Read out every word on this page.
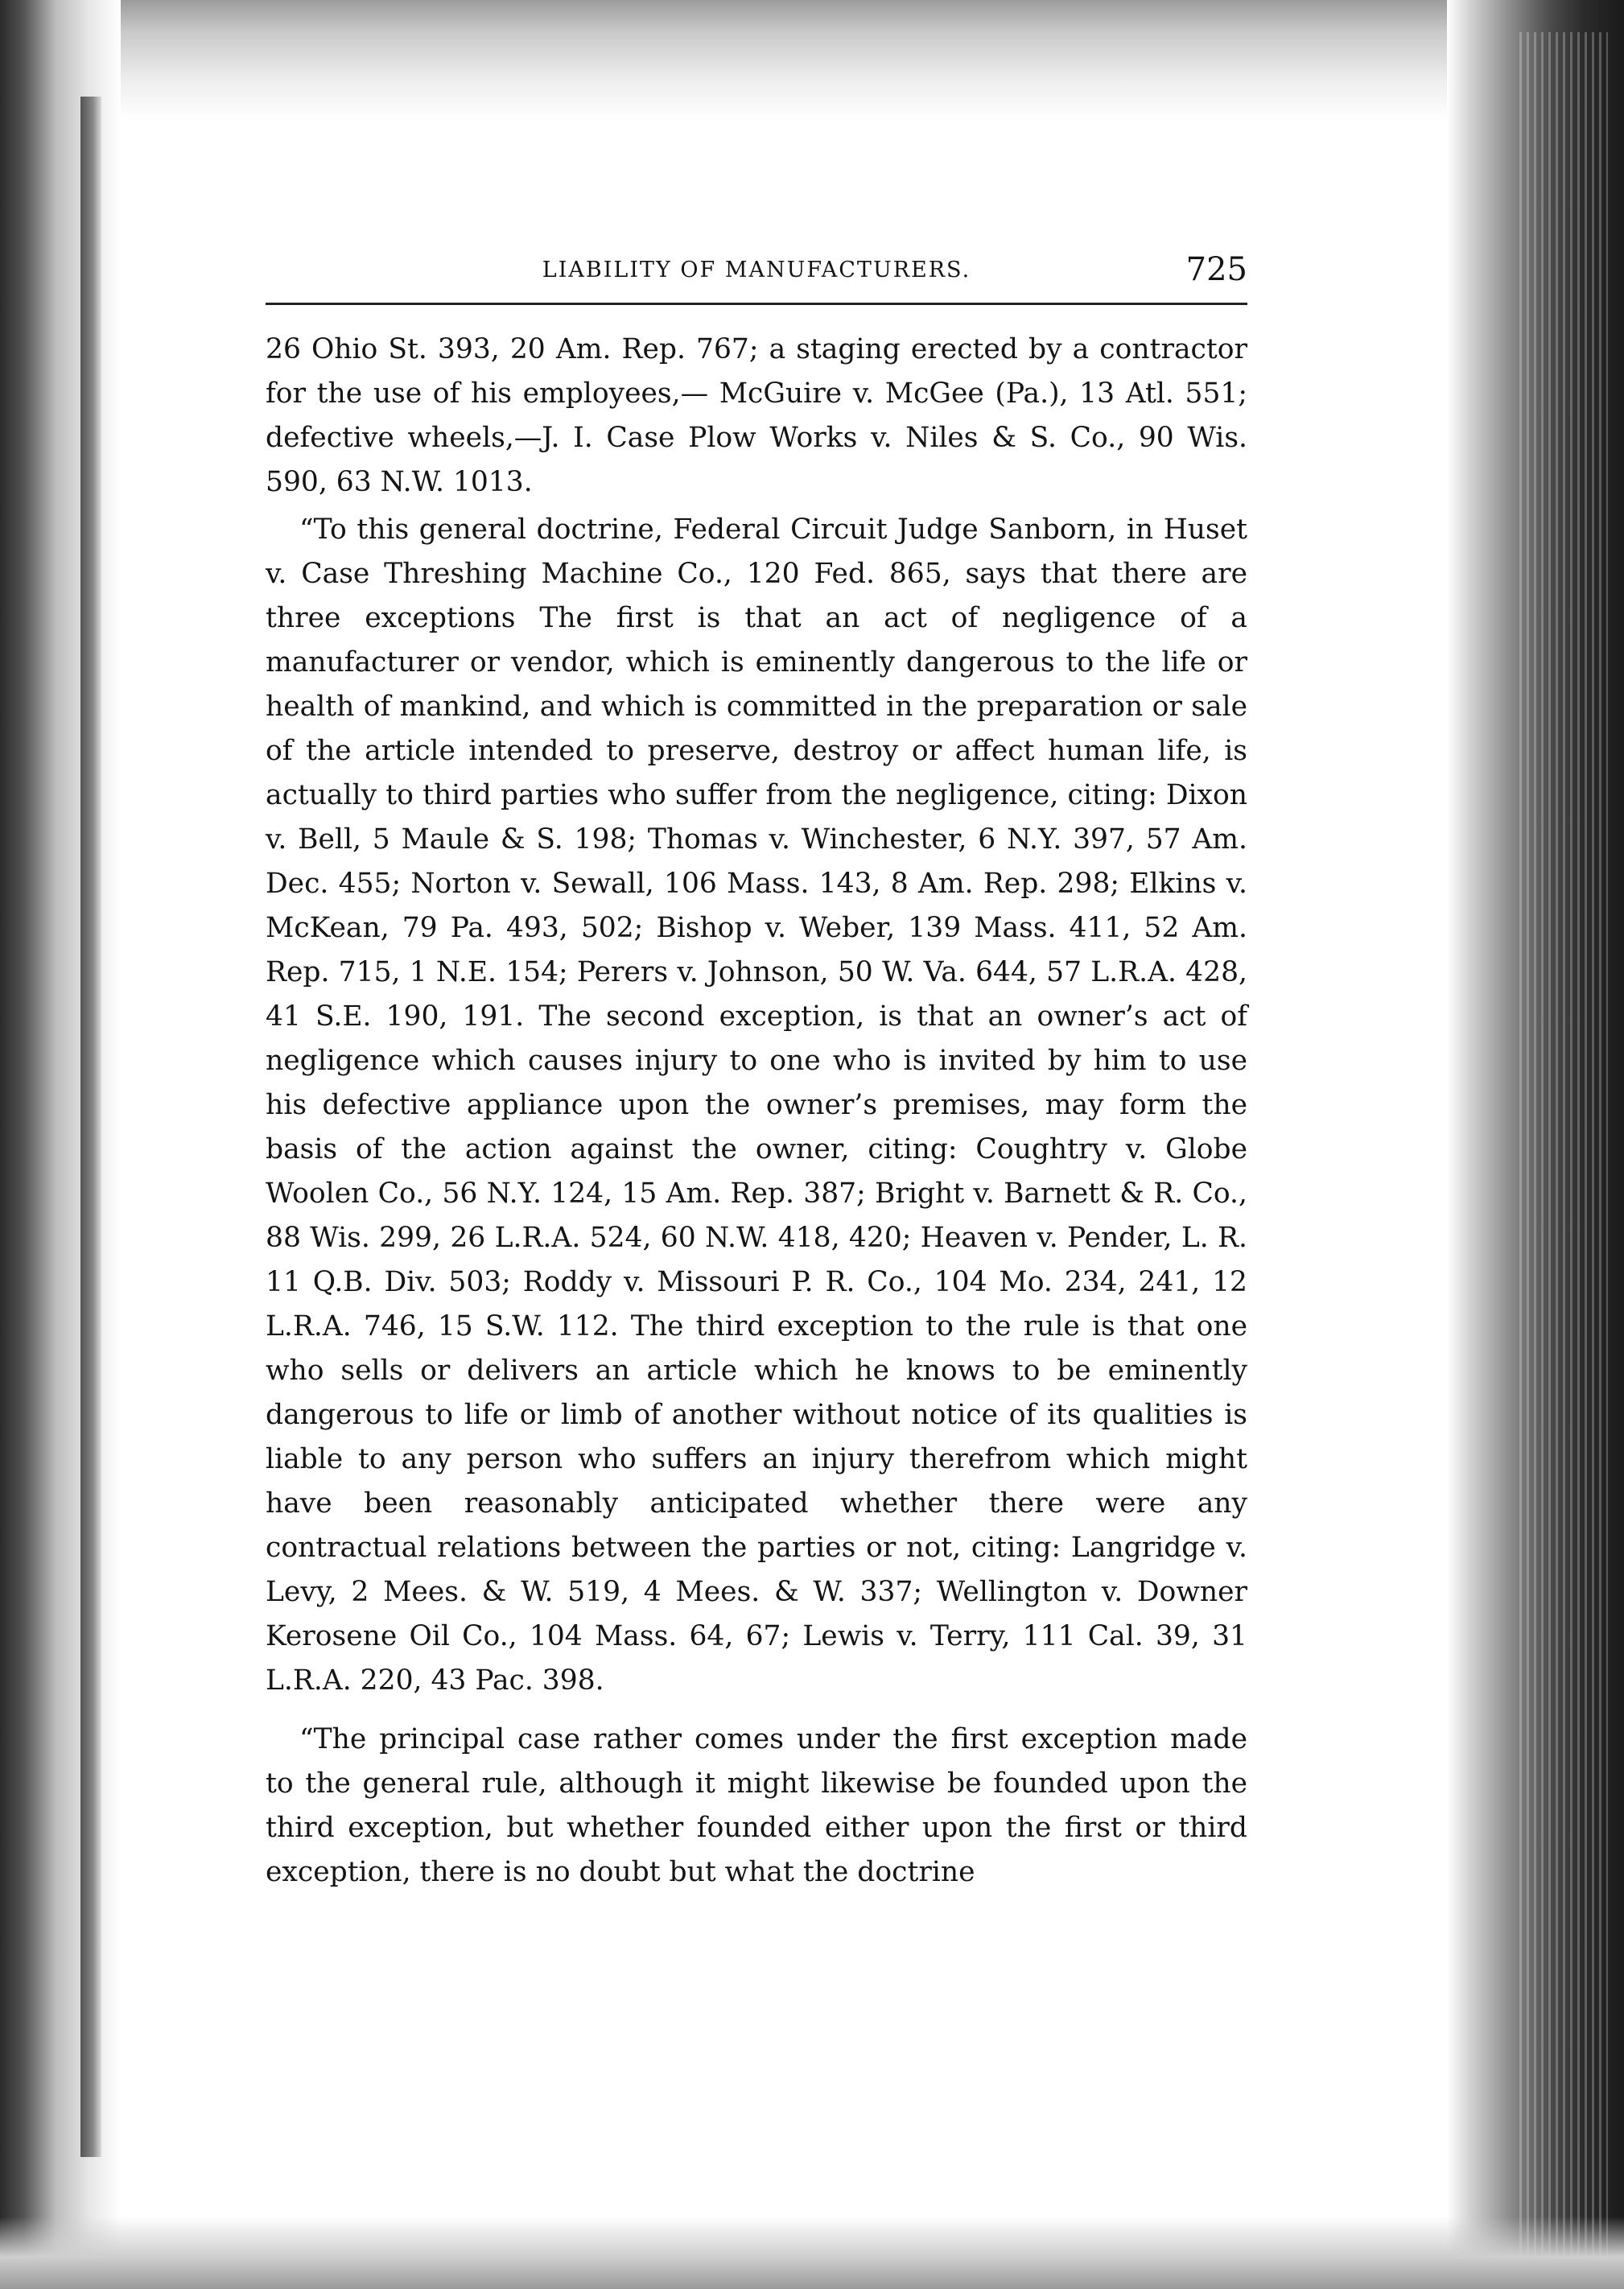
LIABILITY OF MANUFACTURERS.	725

26 Ohio St. 393, 20 Am. Rep. 767; a staging erected by a contractor for the use of his employees,— McGuire v. McGee (Pa.), 13 Atl. 551; defective wheels,—J. I. Case Plow Works v. Niles & S. Co., 90 Wis. 590, 63 N.W. 1013.

“To this general doctrine, Federal Circuit Judge Sanborn, in Huset v. Case Threshing Machine Co., 120 Fed. 865, says that there are three exceptions The first is that an act of negligence of a manufacturer or vendor, which is eminently dangerous to the life or health of mankind, and which is committed in the preparation or sale of the article intended to preserve, destroy or affect human life, is actually to third parties who suffer from the negligence, citing: Dixon v. Bell, 5 Maule & S. 198; Thomas v. Winchester, 6 N.Y. 397, 57 Am. Dec. 455; Norton v. Sewall, 106 Mass. 143, 8 Am. Rep. 298; Elkins v. McKean, 79 Pa. 493, 502; Bishop v. Weber, 139 Mass. 411, 52 Am. Rep. 715, 1 N.E. 154; Perers v. Johnson, 50 W. Va. 644, 57 L.R.A. 428, 41 S.E. 190, 191. The second exception, is that an owner’s act of negligence which causes injury to one who is invited by him to use his defective appliance upon the owner’s premises, may form the basis of the action against the owner, citing: Coughtry v. Globe Woolen Co., 56 N.Y. 124, 15 Am. Rep. 387; Bright v. Barnett & R. Co., 88 Wis. 299, 26 L.R.A. 524, 60 N.W. 418, 420; Heaven v. Pender, L. R. 11 Q.B. Div. 503; Roddy v. Missouri P. R. Co., 104 Mo. 234, 241, 12 L.R.A. 746, 15 S.W. 112. The third exception to the rule is that one who sells or delivers an article which he knows to be eminently dangerous to life or limb of another without notice of its qualities is liable to any person who suffers an injury therefrom which might have been reasonably anticipated whether there were any contractual relations between the parties or not, citing: Langridge v. Levy, 2 Mees. & W. 519, 4 Mees. & W. 337; Wellington v. Downer Kerosene Oil Co., 104 Mass. 64, 67; Lewis v. Terry, 111 Cal. 39, 31 L.R.A. 220, 43 Pac. 398.

“The principal case rather comes under the first exception made to the general rule, although it might likewise be founded upon the third exception, but whether founded either upon the first or third exception, there is no doubt but what the doctrine
